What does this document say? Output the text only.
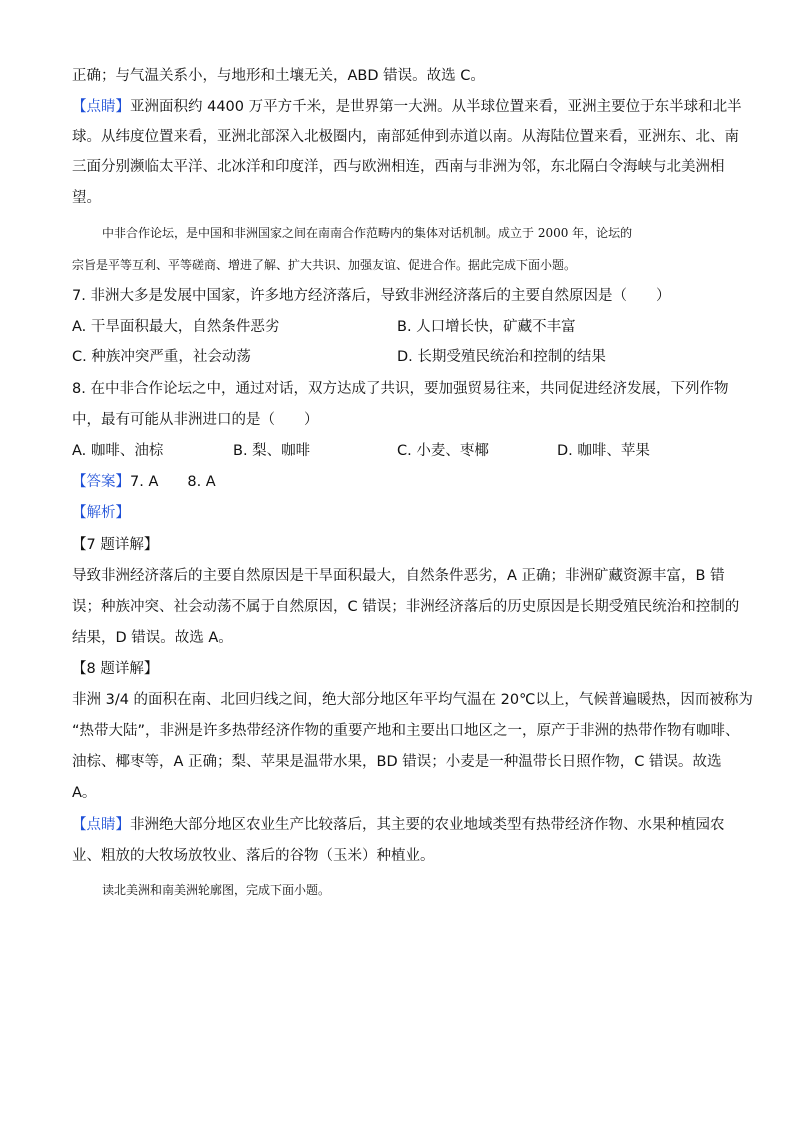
正确；与气温关系小，与地形和土壤无关，ABD 错误。故选 C。
【点睛】亚洲面积约 4400 万平方千米，是世界第一大洲。从半球位置来看，亚洲主要位于东半球和北半
球。从纬度位置来看，亚洲北部深入北极圈内，南部延伸到赤道以南。从海陆位置来看，亚洲东、北、南
三面分别濒临太平洋、北冰洋和印度洋，西与欧洲相连，西南与非洲为邻，东北隔白令海峡与北美洲相
望。
中非合作论坛，是中国和非洲国家之间在南南合作范畴内的集体对话机制。成立于 2000 年，论坛的
宗旨是平等互利、平等磋商、增进了解、扩大共识、加强友谊、促进合作。据此完成下面小题。
7. 非洲大多是发展中国家，许多地方经济落后，导致非洲经济落后的主要自然原因是（　　）
A. 干旱面积最大，自然条件恶劣	B. 人口增长快，矿藏不丰富
C. 种族冲突严重，社会动荡	D. 长期受殖民统治和控制的结果
8. 在中非合作论坛之中，通过对话，双方达成了共识，要加强贸易往来，共同促进经济发展，下列作物
中，最有可能从非洲进口的是（　　）
A. 咖啡、油棕	B. 梨、咖啡	C. 小麦、枣椰	D. 咖啡、苹果
【答案】7. A　　8. A
【解析】
【7 题详解】
导致非洲经济落后的主要自然原因是干旱面积最大，自然条件恶劣，A 正确；非洲矿藏资源丰富，B 错
误；种族冲突、社会动荡不属于自然原因，C 错误；非洲经济落后的历史原因是长期受殖民统治和控制的
结果，D 错误。故选 A。
【8 题详解】
非洲 3/4 的面积在南、北回归线之间，绝大部分地区年平均气温在 20℃以上，气候普遍暖热，因而被称为
“热带大陆”，非洲是许多热带经济作物的重要产地和主要出口地区之一，原产于非洲的热带作物有咖啡、
油棕、椰枣等，A 正确；梨、苹果是温带水果，BD 错误；小麦是一种温带长日照作物，C 错误。故选
A。
【点睛】非洲绝大部分地区农业生产比较落后，其主要的农业地域类型有热带经济作物、水果种植园农
业、粗放的大牧场放牧业、落后的谷物（玉米）种植业。
读北美洲和南美洲轮廓图，完成下面小题。
